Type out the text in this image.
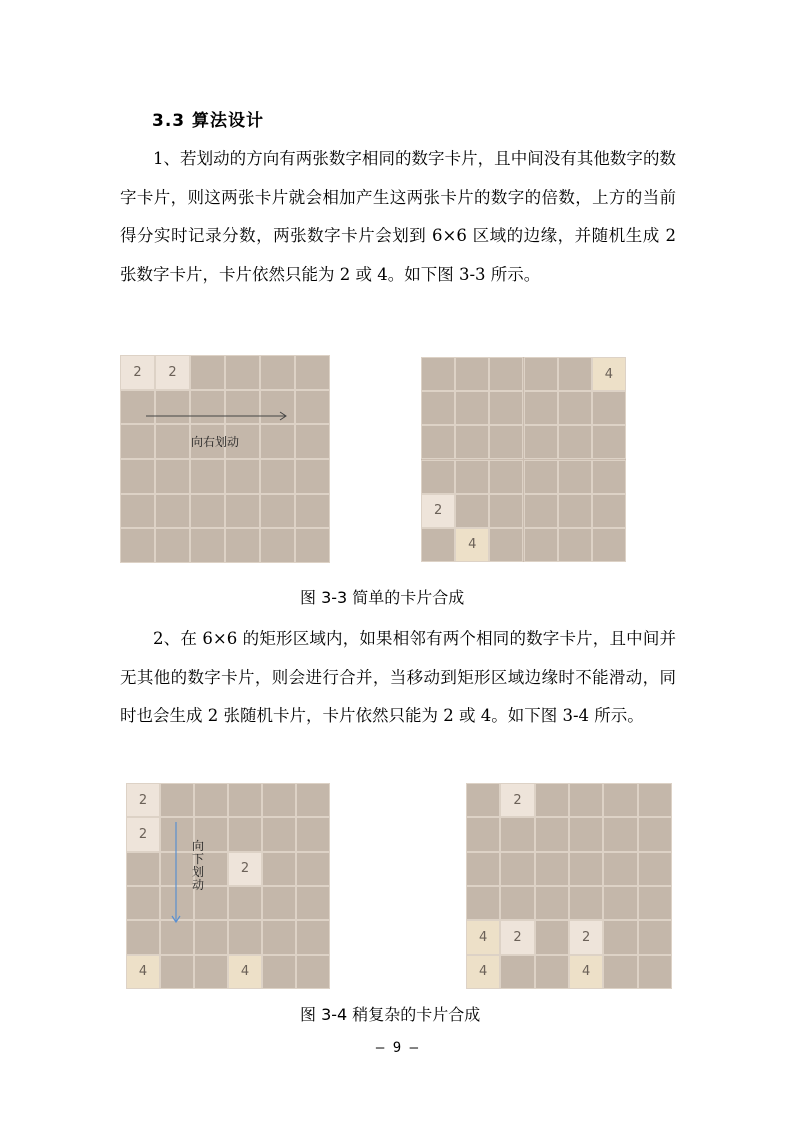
3.3 算法设计

1、若划动的方向有两张数字相同的数字卡片，且中间没有其他数字的数字卡片，则这两张卡片就会相加产生这两张卡片的数字的倍数，上方的当前得分实时记录分数，两张数字卡片会划到 6×6 区域的边缘，并随机生成 2 张数字卡片，卡片依然只能为 2 或 4。如下图 3-3 所示。

2	2
向右划动
4
2
4
图 3-3 简单的卡片合成

2、在 6×6 的矩形区域内，如果相邻有两个相同的数字卡片，且中间并无其他的数字卡片，则会进行合并，当移动到矩形区域边缘时不能滑动，同时也会生成 2 张随机卡片，卡片依然只能为 2 或 4。如下图 3-4 所示。

2
2
2
4	4
向下划动
2
4	2	2
4	4
图 3-4 稍复杂的卡片合成
— 9 —
